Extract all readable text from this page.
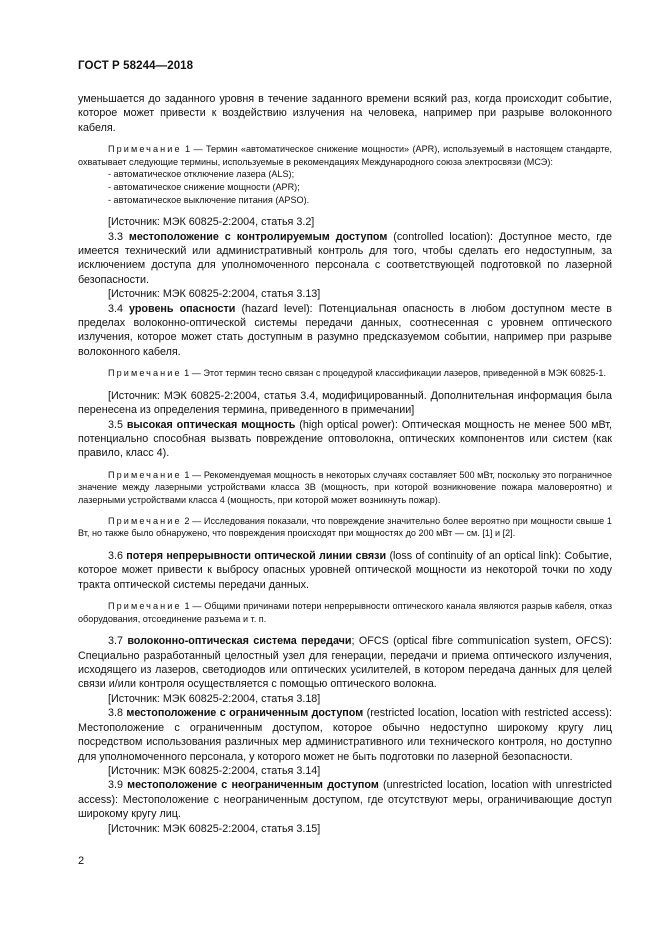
ГОСТ Р 58244—2018

уменьшается до заданного уровня в течение заданного времени всякий раз, когда происходит событие, которое может привести к воздействию излучения на человека, например при разрыве волоконного кабеля.

Примечание 1 — Термин «автоматическое снижение мощности» (APR), используемый в настоящем стандарте, охватывает следующие термины, используемые в рекомендациях Международного союза электросвязи (МСЭ):

- автоматическое отключение лазера (ALS);

- автоматическое снижение мощности (APR);

- автоматическое выключение питания (APSO).

[Источник: МЭК 60825-2:2004, статья 3.2]

3.3 местоположение с контролируемым доступом (controlled location): Доступное место, где имеется технический или административный контроль для того, чтобы сделать его недоступным, за исключением доступа для уполномоченного персонала с соответствующей подготовкой по лазерной безопасности.

[Источник: МЭК 60825-2:2004, статья 3.13]

3.4 уровень опасности (hazard level): Потенциальная опасность в любом доступном месте в пределах волоконно-оптической системы передачи данных, соотнесенная с уровнем оптического излучения, которое может стать доступным в разумно предсказуемом событии, например при разрыве волоконного кабеля.

Примечание 1 — Этот термин тесно связан с процедурой классификации лазеров, приведенной в МЭК 60825-1.

[Источник: МЭК 60825-2:2004, статья 3.4, модифицированный. Дополнительная информация была перенесена из определения термина, приведенного в примечании]

3.5 высокая оптическая мощность (high optical power): Оптическая мощность не менее 500 мВт, потенциально способная вызвать повреждение оптоволокна, оптических компонентов или систем (как правило, класс 4).

Примечание 1 — Рекомендуемая мощность в некоторых случаях составляет 500 мВт, поскольку это пограничное значение между лазерными устройствами класса 3В (мощность, при которой возникновение пожара маловероятно) и лазерными устройствами класса 4 (мощность, при которой может возникнуть пожар).

Примечание 2 — Исследования показали, что повреждение значительно более вероятно при мощности свыше 1 Вт, но также было обнаружено, что повреждения происходят при мощностях до 200 мВт — см. [1] и [2].

3.6 потеря непрерывности оптической линии связи (loss of continuity of an optical link): Событие, которое может привести к выбросу опасных уровней оптической мощности из некоторой точки по ходу тракта оптической системы передачи данных.

Примечание 1 — Общими причинами потери непрерывности оптического канала являются разрыв кабеля, отказ оборудования, отсоединение разъема и т. п.

3.7 волоконно-оптическая система передачи; OFCS (optical fibre communication system, OFCS): Специально разработанный целостный узел для генерации, передачи и приема оптического излучения, исходящего из лазеров, светодиодов или оптических усилителей, в котором передача данных для целей связи и/или контроля осуществляется с помощью оптического волокна.

[Источник: МЭК 60825-2:2004, статья 3.18]

3.8 местоположение с ограниченным доступом (restricted location, location with restricted access): Местоположение с ограниченным доступом, которое обычно недоступно широкому кругу лиц посредством использования различных мер административного или технического контроля, но доступно для уполномоченного персонала, у которого может не быть подготовки по лазерной безопасности.

[Источник: МЭК 60825-2:2004, статья 3.14]

3.9 местоположение с неограниченным доступом (unrestricted location, location with unrestricted access): Местоположение с неограниченным доступом, где отсутствуют меры, ограничивающие доступ широкому кругу лиц.

[Источник: МЭК 60825-2:2004, статья 3.15]

2
